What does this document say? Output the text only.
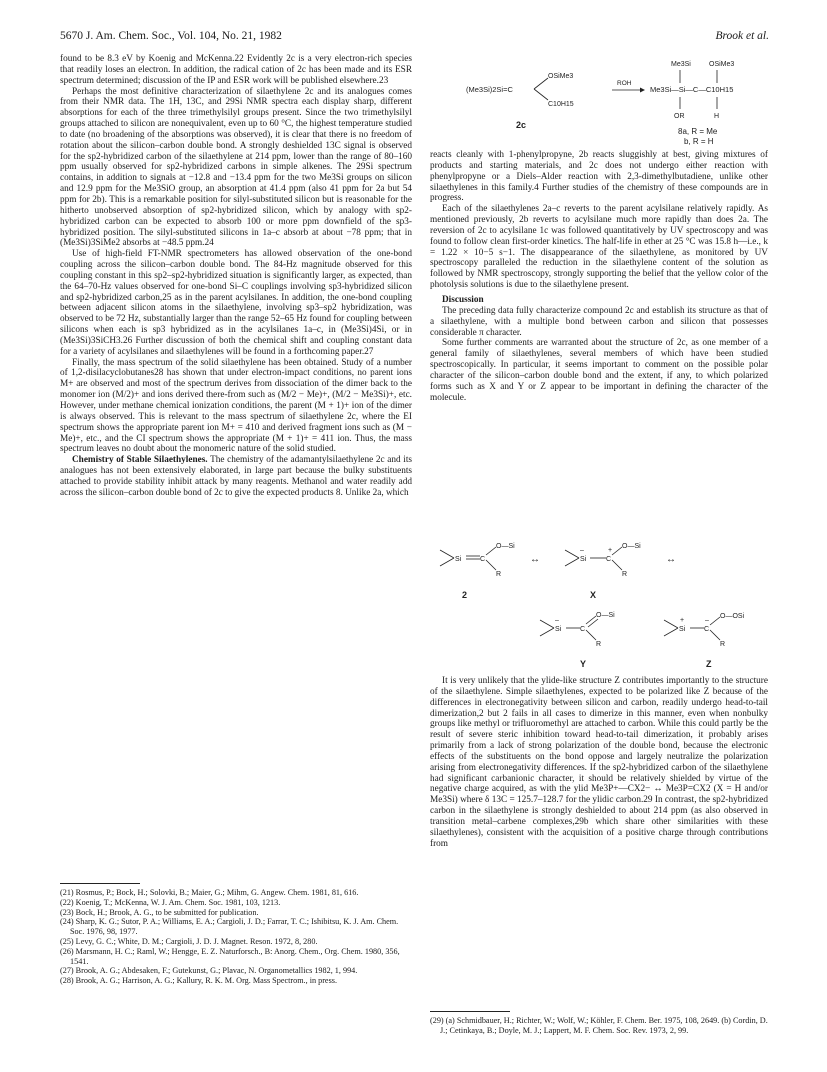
5670 J. Am. Chem. Soc., Vol. 104, No. 21, 1982	Brook et al.

found to be 8.3 eV by Koenig and McKenna.22 Evidently 2c is a very electron-rich species that readily loses an electron. In addition, the radical cation of 2c has been made and its ESR spectrum determined; discussion of the IP and ESR work will be published elsewhere.23

Perhaps the most definitive characterization of silaethylene 2c and its analogues comes from their NMR data. The 1H, 13C, and 29Si NMR spectra each display sharp, different absorptions for each of the three trimethylsilyl groups present. Since the two trimethylsilyl groups attached to silicon are nonequivalent, even up to 60 °C, the highest temperature studied to date (no broadening of the absorptions was observed), it is clear that there is no freedom of rotation about the silicon–carbon double bond. A strongly deshielded 13C signal is observed for the sp2-hybridized carbon of the silaethylene at 214 ppm, lower than the range of 80–160 ppm usually observed for sp2-hybridized carbons in simple alkenes. The 29Si spectrum contains, in addition to signals at −12.8 and −13.4 ppm for the two Me3Si groups on silicon and 12.9 ppm for the Me3SiO group, an absorption at 41.4 ppm (also 41 ppm for 2a but 54 ppm for 2b). This is a remarkable position for silyl-substituted silicon but is reasonable for the hitherto unobserved absorption of sp2-hybridized silicon, which by analogy with sp2-hybridized carbon can be expected to absorb 100 or more ppm downfield of the sp3-hybridized position. The silyl-substituted silicons in 1a–c absorb at about −78 ppm; that in (Me3Si)3SiMe2 absorbs at −48.5 ppm.24

Use of high-field FT-NMR spectrometers has allowed observation of the one-bond coupling across the silicon–carbon double bond. The 84-Hz magnitude observed for this coupling constant in this sp2–sp2-hybridized situation is significantly larger, as expected, than the 64–70-Hz values observed for one-bond Si–C couplings involving sp3-hybridized silicon and sp2-hybridized carbon,25 as in the parent acylsilanes. In addition, the one-bond coupling between adjacent silicon atoms in the silaethylene, involving sp3–sp2 hybridization, was observed to be 72 Hz, substantially larger than the range 52–65 Hz found for coupling between silicons when each is sp3 hybridized as in the acylsilanes 1a–c, in (Me3Si)4Si, or in (Me3Si)3SiCH3.26 Further discussion of both the chemical shift and coupling constant data for a variety of acylsilanes and silaethylenes will be found in a forthcoming paper.27

Finally, the mass spectrum of the solid silaethylene has been obtained. Study of a number of 1,2-disilacyclobutanes28 has shown that under electron-impact conditions, no parent ions M+ are observed and most of the spectrum derives from dissociation of the dimer back to the monomer ion (M/2)+ and ions derived there-from such as (M/2 − Me)+, (M/2 − Me3Si)+, etc. However, under methane chemical ionization conditions, the parent (M + 1)+ ion of the dimer is always observed. This is relevant to the mass spectrum of silaethylene 2c, where the EI spectrum shows the appropriate parent ion M+ = 410 and derived fragment ions such as (M − Me)+, etc., and the CI spectrum shows the appropriate (M + 1)+ = 411 ion. Thus, the mass spectrum leaves no doubt about the monomeric nature of the solid studied.

Chemistry of Stable Silaethylenes. The chemistry of the adamantylsilaethylene 2c and its analogues has not been extensively elaborated, in large part because the bulky substituents attached to provide stability inhibit attack by many reagents. Methanol and water readily add across the silicon–carbon double bond of 2c to give the expected products 8. Unlike 2a, which

(21) Rosmus, P.; Bock, H.; Solovki, B.; Maier, G.; Mihm, G. Angew. Chem. 1981, 81, 616.

(22) Koenig, T.; McKenna, W. J. Am. Chem. Soc. 1981, 103, 1213.

(23) Bock, H.; Brook, A. G., to be submitted for publication.

(24) Sharp, K. G.; Sutor, P. A.; Williams, E. A.; Cargioli, J. D.; Farrar, T. C.; Ishibitsu, K. J. Am. Chem. Soc. 1976, 98, 1977.

(25) Levy, G. C.; White, D. M.; Cargioli, J. D. J. Magnet. Reson. 1972, 8, 280.

(26) Marsmann, H. C.; Raml, W.; Hengge, E. Z. Naturforsch., B: Anorg. Chem., Org. Chem. 1980, 356, 1541.

(27) Brook, A. G.; Abdesaken, F.; Gutekunst, G.; Plavac, N. Organometallics 1982, 1, 994.

(28) Brook, A. G.; Harrison, A. G.; Kallury, R. K. M. Org. Mass Spectrom., in press.

(Me3Si)2Si=C
OSiMe3
C10H15
2c
ROH
Me3Si	OSiMe3
Me3Si—Si—C—C10H15
OR	H
8a, R = Me
b, R = H

reacts cleanly with 1-phenylpropyne, 2b reacts sluggishly at best, giving mixtures of products and starting materials, and 2c does not undergo either reaction with phenylpropyne or a Diels–Alder reaction with 2,3-dimethylbutadiene, unlike other silaethylenes in this family.4 Further studies of the chemistry of these compounds are in progress.

Each of the silaethylenes 2a–c reverts to the parent acylsilane relatively rapidly. As mentioned previously, 2b reverts to acylsilane much more rapidly than does 2a. The reversion of 2c to acylsilane 1c was followed quantitatively by UV spectroscopy and was found to follow clean first-order kinetics. The half-life in ether at 25 °C was 15.8 h—i.e., k = 1.22 × 10−5 s−1. The disappearance of the silaethylene, as monitored by UV spectroscopy paralleled the reduction in the silaethylene content of the solution as followed by NMR spectroscopy, strongly supporting the belief that the yellow color of the photolysis solutions is due to the silaethylene present.

Discussion

The preceding data fully characterize compound 2c and establish its structure as that of a silaethylene, with a multiple bond between carbon and silicon that possesses considerable π character.

Some further comments are warranted about the structure of 2c, as one member of a general family of silaethylenes, several members of which have been studied spectroscopically. In particular, it seems important to comment on the possible polar character of the silicon–carbon double bond and the extent, if any, to which polarized forms such as X and Y or Z appear to be important in defining the character of the molecule.

Si	C
O—Si
R
2
↔	Si
–
C
+
O—Si
R
X
↔
Si
–
C
O—Si
R
Y
Si
+
C
–
O—OSi
R
Z

It is very unlikely that the ylide-like structure Z contributes importantly to the structure of the silaethylene. Simple silaethylenes, expected to be polarized like Z because of the differences in electronegativity between silicon and carbon, readily undergo head-to-tail dimerization,2 but 2 fails in all cases to dimerize in this manner, even when nonbulky groups like methyl or trifluoromethyl are attached to carbon. While this could partly be the result of severe steric inhibition toward head-to-tail dimerization, it probably arises primarily from a lack of strong polarization of the double bond, because the electronic effects of the substituents on the bond oppose and largely neutralize the polarization arising from electronegativity differences. If the sp2-hybridized carbon of the silaethylene had significant carbanionic character, it should be relatively shielded by virtue of the negative charge acquired, as with the ylid Me3P+—CX2− ↔ Me3P=CX2 (X = H and/or Me3Si) where δ 13C = 125.7–128.7 for the ylidic carbon.29 In contrast, the sp2-hybridized carbon in the silaethylene is strongly deshielded to about 214 ppm (as also observed in transition metal–carbene complexes,29b which share other similarities with these silaethylenes), consistent with the acquisition of a positive charge through contributions from

(29) (a) Schmidbauer, H.; Richter, W.; Wolf, W.; Köhler, F. Chem. Ber. 1975, 108, 2649. (b) Cordin, D. J.; Cetinkaya, B.; Doyle, M. J.; Lappert, M. F. Chem. Soc. Rev. 1973, 2, 99.
